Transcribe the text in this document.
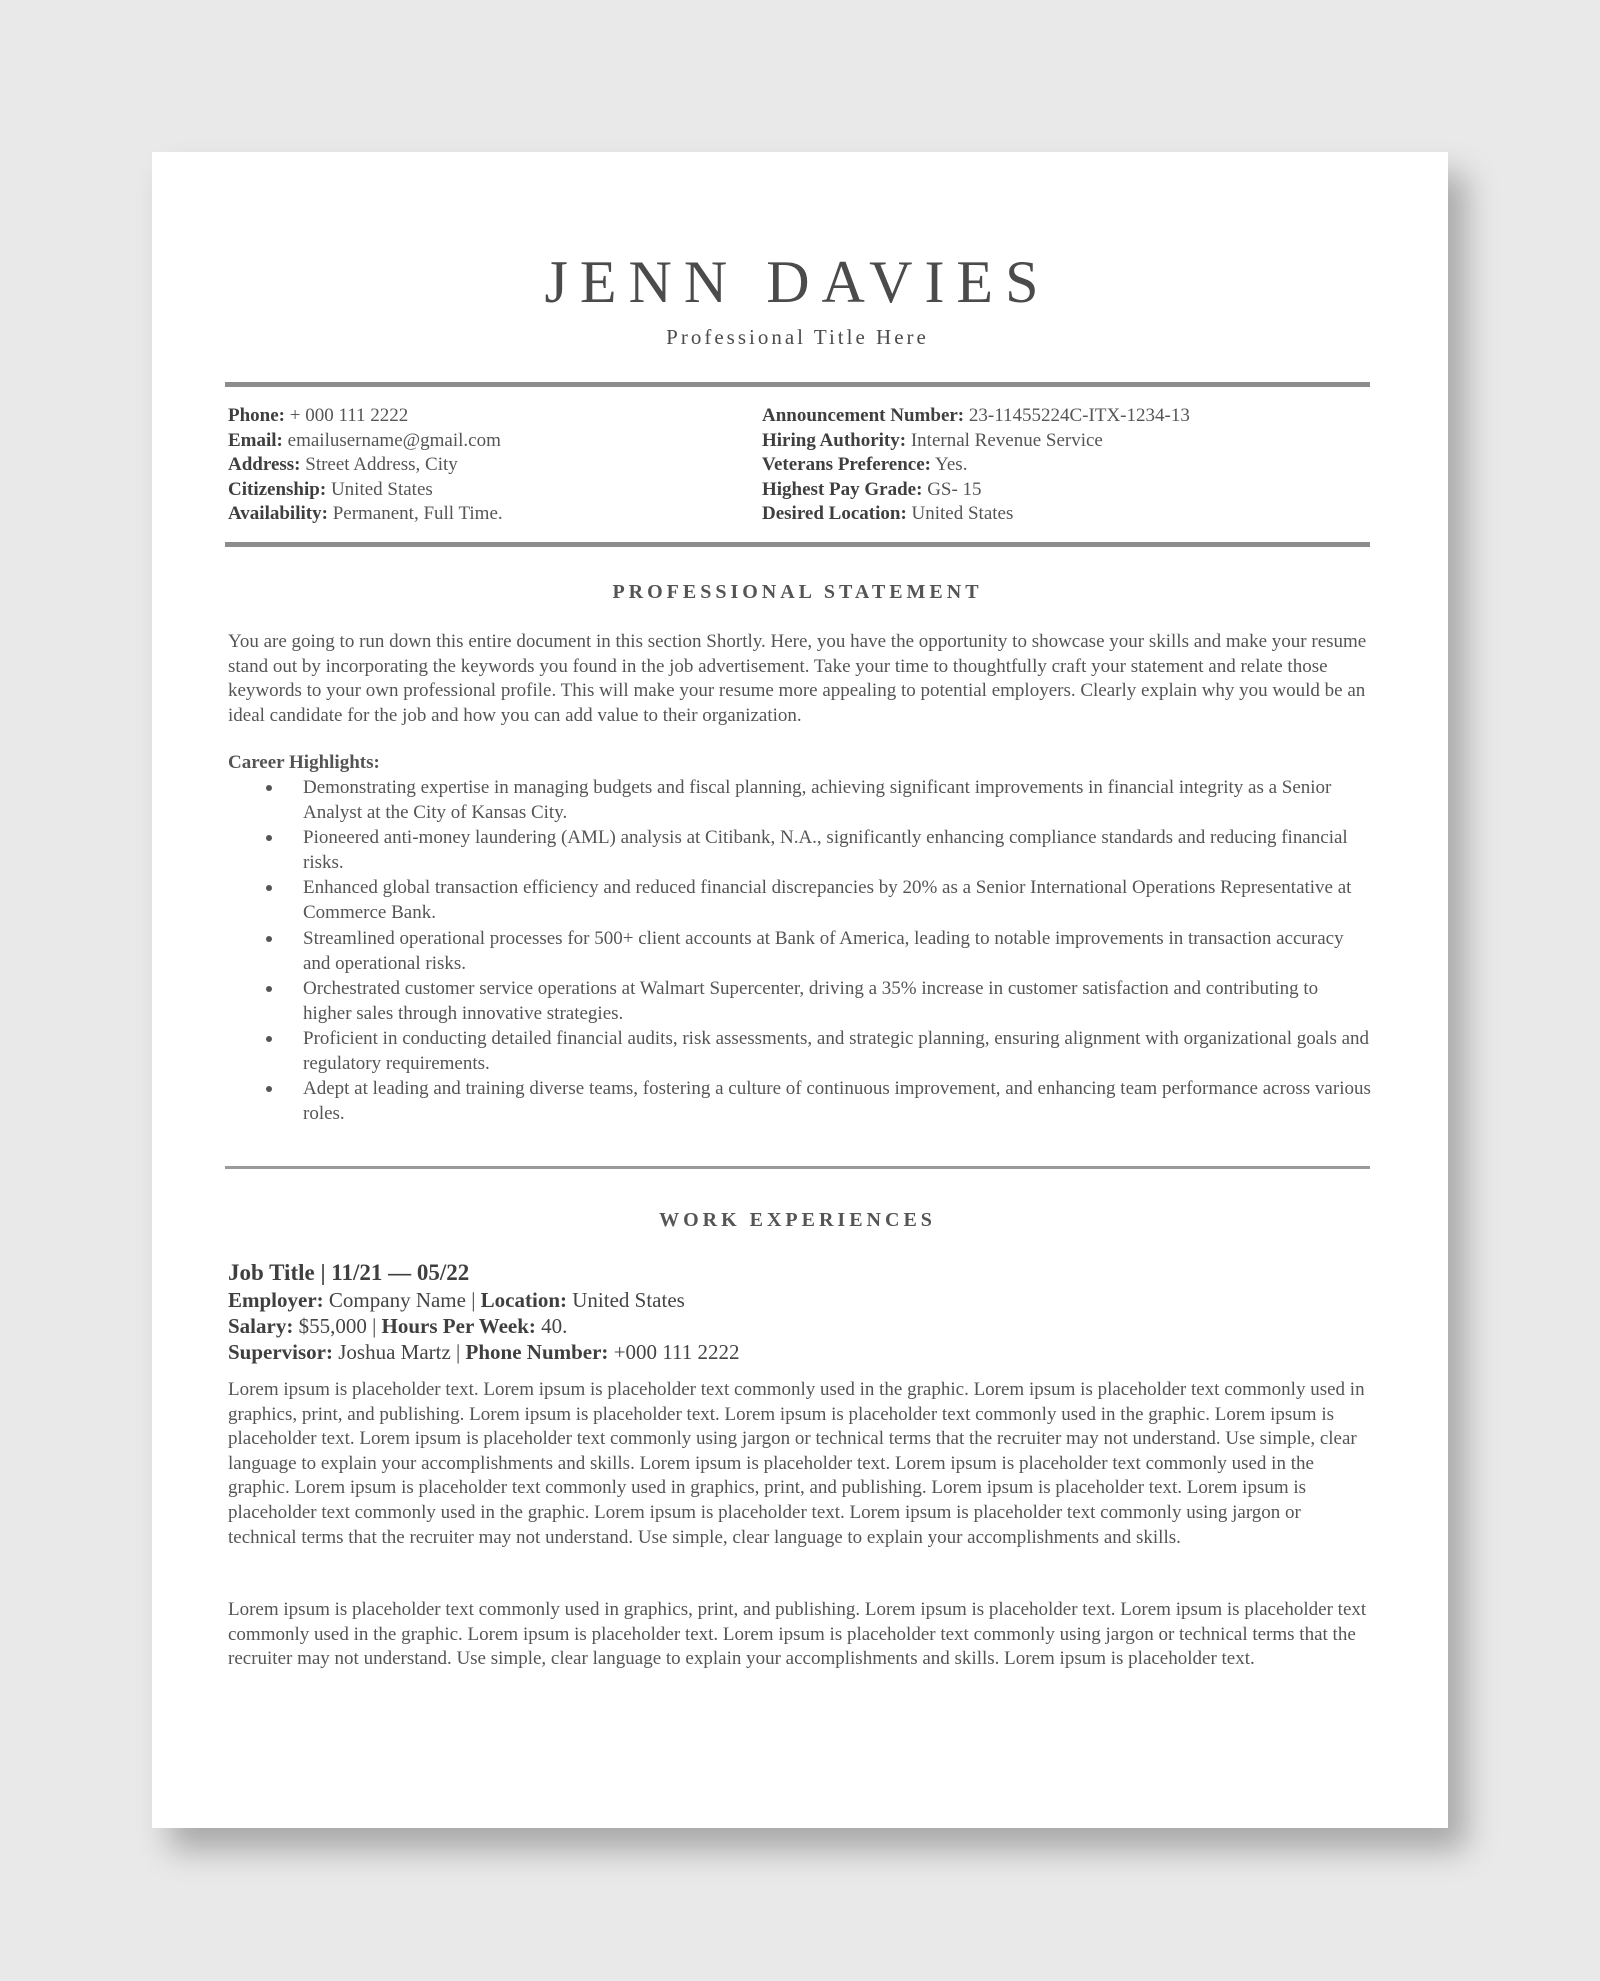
JENN DAVIES
Professional Title Here
Phone: + 000 111 2222
Email: emailusername@gmail.com
Address: Street Address, City
Citizenship: United States
Availability: Permanent, Full Time.
Announcement Number: 23-11455224C-ITX-1234-13
Hiring Authority: Internal Revenue Service
Veterans Preference: Yes.
Highest Pay Grade: GS- 15
Desired Location: United States
PROFESSIONAL STATEMENT
You are going to run down this entire document in this section Shortly. Here, you have the opportunity to showcase your skills and make your resume stand out by incorporating the keywords you found in the job advertisement. Take your time to thoughtfully craft your statement and relate those keywords to your own professional profile. This will make your resume more appealing to potential employers. Clearly explain why you would be an ideal candidate for the job and how you can add value to their organization.
Career Highlights:
Demonstrating expertise in managing budgets and fiscal planning, achieving significant improvements in financial integrity as a Senior Analyst at the City of Kansas City.
Pioneered anti-money laundering (AML) analysis at Citibank, N.A., significantly enhancing compliance standards and reducing financial risks.
Enhanced global transaction efficiency and reduced financial discrepancies by 20% as a Senior International Operations Representative at Commerce Bank.
Streamlined operational processes for 500+ client accounts at Bank of America, leading to notable improvements in transaction accuracy and operational risks.
Orchestrated customer service operations at Walmart Supercenter, driving a 35% increase in customer satisfaction and contributing to higher sales through innovative strategies.
Proficient in conducting detailed financial audits, risk assessments, and strategic planning, ensuring alignment with organizational goals and regulatory requirements.
Adept at leading and training diverse teams, fostering a culture of continuous improvement, and enhancing team performance across various roles.
WORK EXPERIENCES
Job Title | 11/21 — 05/22
Employer: Company Name | Location: United States
Salary: $55,000 | Hours Per Week: 40.
Supervisor: Joshua Martz | Phone Number: +000 111 2222
Lorem ipsum is placeholder text. Lorem ipsum is placeholder text commonly used in the graphic. Lorem ipsum is placeholder text commonly used in graphics, print, and publishing. Lorem ipsum is placeholder text. Lorem ipsum is placeholder text commonly used in the graphic. Lorem ipsum is placeholder text. Lorem ipsum is placeholder text commonly using jargon or technical terms that the recruiter may not understand. Use simple, clear language to explain your accomplishments and skills. Lorem ipsum is placeholder text. Lorem ipsum is placeholder text commonly used in the graphic. Lorem ipsum is placeholder text commonly used in graphics, print, and publishing. Lorem ipsum is placeholder text. Lorem ipsum is placeholder text commonly used in the graphic. Lorem ipsum is placeholder text. Lorem ipsum is placeholder text commonly using jargon or technical terms that the recruiter may not understand. Use simple, clear language to explain your accomplishments and skills.
Lorem ipsum is placeholder text commonly used in graphics, print, and publishing. Lorem ipsum is placeholder text. Lorem ipsum is placeholder text commonly used in the graphic. Lorem ipsum is placeholder text. Lorem ipsum is placeholder text commonly using jargon or technical terms that the recruiter may not understand. Use simple, clear language to explain your accomplishments and skills. Lorem ipsum is placeholder text.
